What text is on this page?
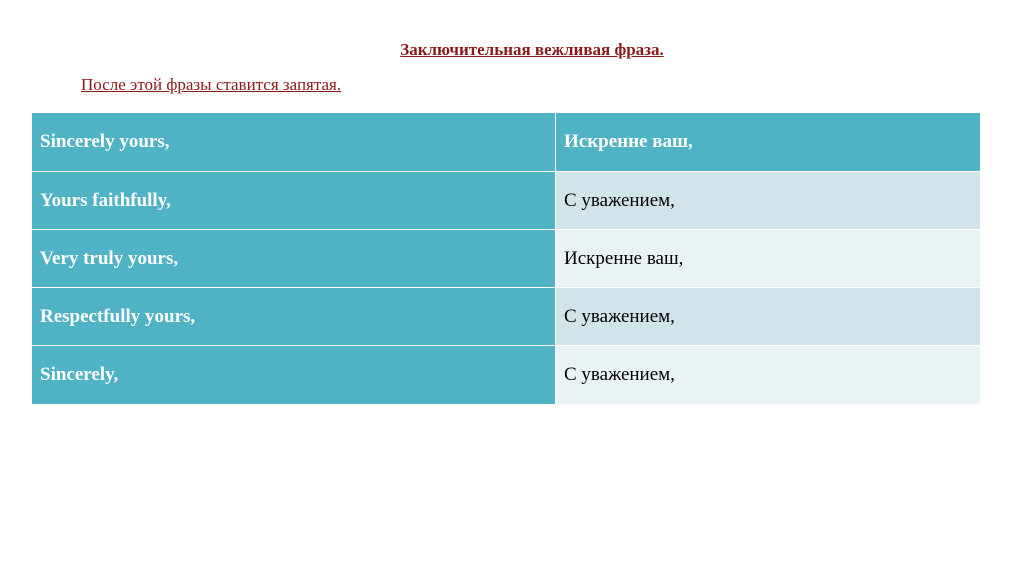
Заключительная вежливая фраза.
После этой фразы ставится запятая.
Sincerely yours,	Искренне ваш,
Yours faithfully,	С уважением,
Very truly yours,	Искренне ваш,
Respectfully yours,	С уважением,
Sincerely,	С уважением,
